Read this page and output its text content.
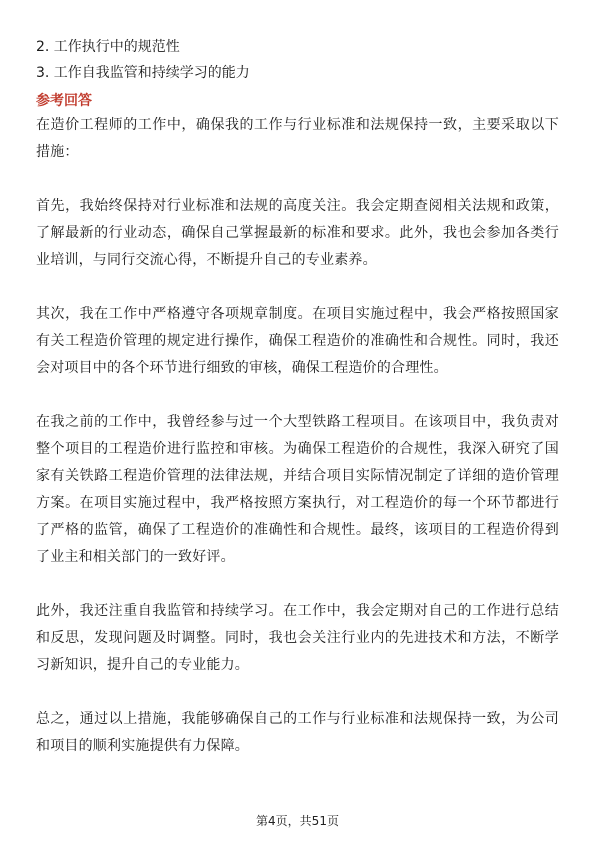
2. 工作执行中的规范性

3. 工作自我监管和持续学习的能力

参考回答

在造价工程师的工作中，确保我的工作与行业标准和法规保持一致，主要采取以下措施：

首先，我始终保持对行业标准和法规的高度关注。我会定期查阅相关法规和政策，了解最新的行业动态，确保自己掌握最新的标准和要求。此外，我也会参加各类行业培训，与同行交流心得，不断提升自己的专业素养。

其次，我在工作中严格遵守各项规章制度。在项目实施过程中，我会严格按照国家有关工程造价管理的规定进行操作，确保工程造价的准确性和合规性。同时，我还会对项目中的各个环节进行细致的审核，确保工程造价的合理性。

在我之前的工作中，我曾经参与过一个大型铁路工程项目。在该项目中，我负责对整个项目的工程造价进行监控和审核。为确保工程造价的合规性，我深入研究了国家有关铁路工程造价管理的法律法规，并结合项目实际情况制定了详细的造价管理方案。在项目实施过程中，我严格按照方案执行，对工程造价的每一个环节都进行了严格的监管，确保了工程造价的准确性和合规性。最终，该项目的工程造价得到了业主和相关部门的一致好评。

此外，我还注重自我监管和持续学习。在工作中，我会定期对自己的工作进行总结和反思，发现问题及时调整。同时，我也会关注行业内的先进技术和方法，不断学习新知识，提升自己的专业能力。

总之，通过以上措施，我能够确保自己的工作与行业标准和法规保持一致，为公司和项目的顺利实施提供有力保障。

第4页，共51页
